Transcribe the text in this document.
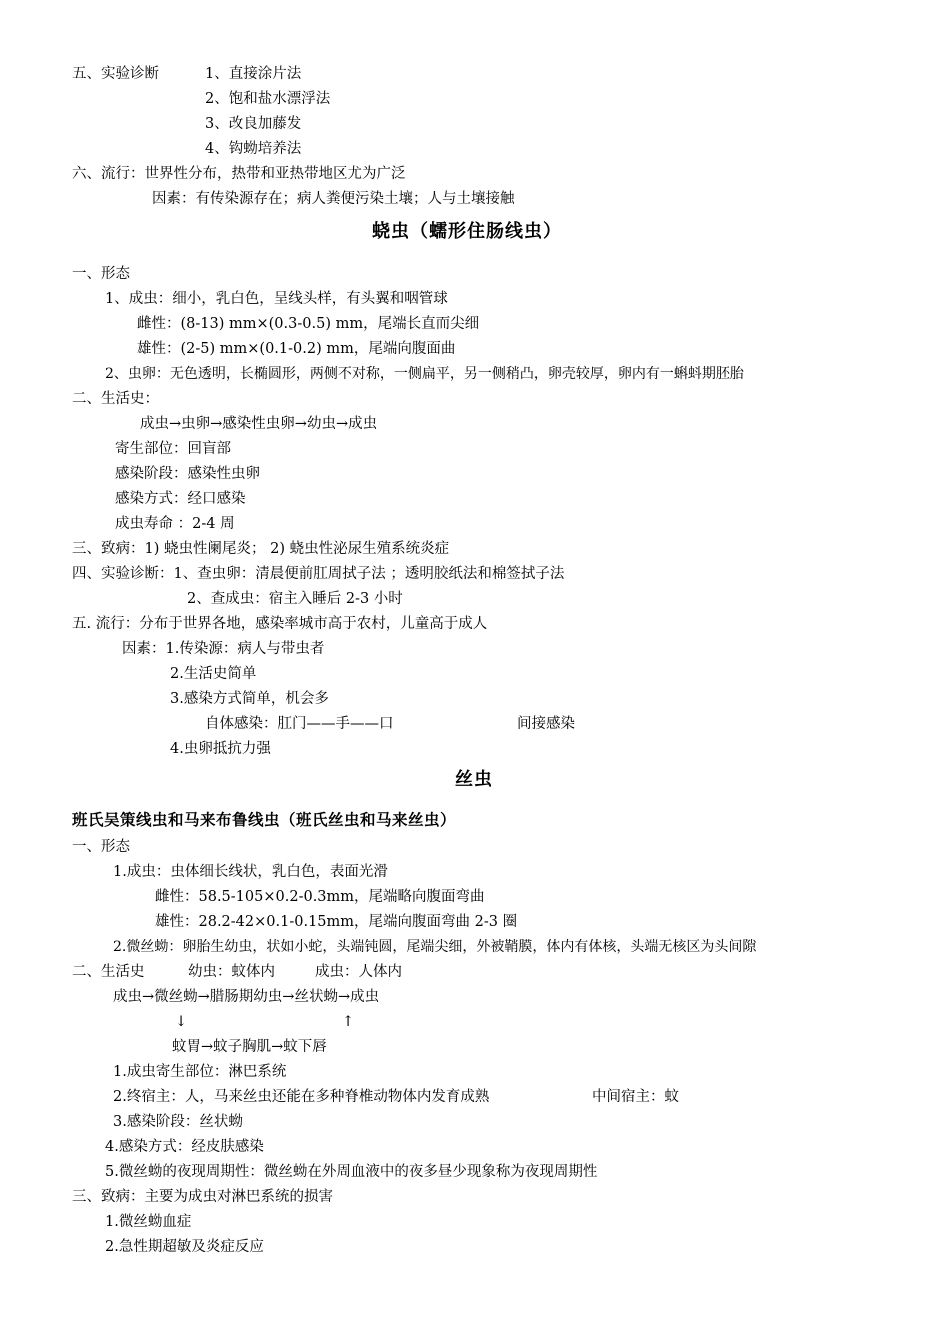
五、实验诊断	1、直接涂片法
2、饱和盐水漂浮法
3、改良加藤发
4、钩蚴培养法
六、流行：世界性分布，热带和亚热带地区尤为广泛
因素：有传染源存在；病人粪便污染土壤；人与土壤接触
蛲虫（蠕形住肠线虫）
一、形态
1、成虫：细小，乳白色，呈线头样，有头翼和咽管球
雌性：(8-13) mm×(0.3-0.5) mm，尾端长直而尖细
雄性：(2-5) mm×(0.1-0.2) mm，尾端向腹面曲
2、虫卵：无色透明，长椭圆形，两侧不对称，一侧扁平，另一侧稍凸，卵壳较厚，卵内有一蝌蚪期胚胎
二、生活史：
成虫→虫卵→感染性虫卵→幼虫→成虫
寄生部位：回盲部
感染阶段：感染性虫卵
感染方式：经口感染
成虫寿命 ：2-4 周
三、致病：1) 蛲虫性阑尾炎； 2) 蛲虫性泌尿生殖系统炎症
四、实验诊断：1、查虫卵：清晨便前肛周拭子法 ；透明胶纸法和棉签拭子法
2、查成虫：宿主入睡后 2-3 小时
五. 流行：分布于世界各地，感染率城市高于农村，儿童高于成人
因素：1.传染源：病人与带虫者
2.生活史简单
3.感染方式简单，机会多
自体感染：肛门——手——口	间接感染
4.虫卵抵抗力强
丝虫
班氏吴策线虫和马来布鲁线虫（班氏丝虫和马来丝虫）
一、形态
1.成虫：虫体细长线状，乳白色，表面光滑
雌性：58.5-105×0.2-0.3mm，尾端略向腹面弯曲
雄性：28.2-42×0.1-0.15mm，尾端向腹面弯曲 2-3 圈
2.微丝蚴：卵胎生幼虫，状如小蛇，头端钝圆，尾端尖细，外被鞘膜，体内有体核，头端无核区为头间隙
二、生活史	幼虫：蚊体内	成虫：人体内
成虫→微丝蚴→腊肠期幼虫→丝状蚴→成虫
↓	↑
蚊胃→蚊子胸肌→蚊下唇
1.成虫寄生部位：淋巴系统
2.终宿主：人，马来丝虫还能在多种脊椎动物体内发育成熟	中间宿主：蚊
3.感染阶段：丝状蚴
4.感染方式：经皮肤感染
5.微丝蚴的夜现周期性：微丝蚴在外周血液中的夜多昼少现象称为夜现周期性
三、致病：主要为成虫对淋巴系统的损害
1.微丝蚴血症
2.急性期超敏及炎症反应
